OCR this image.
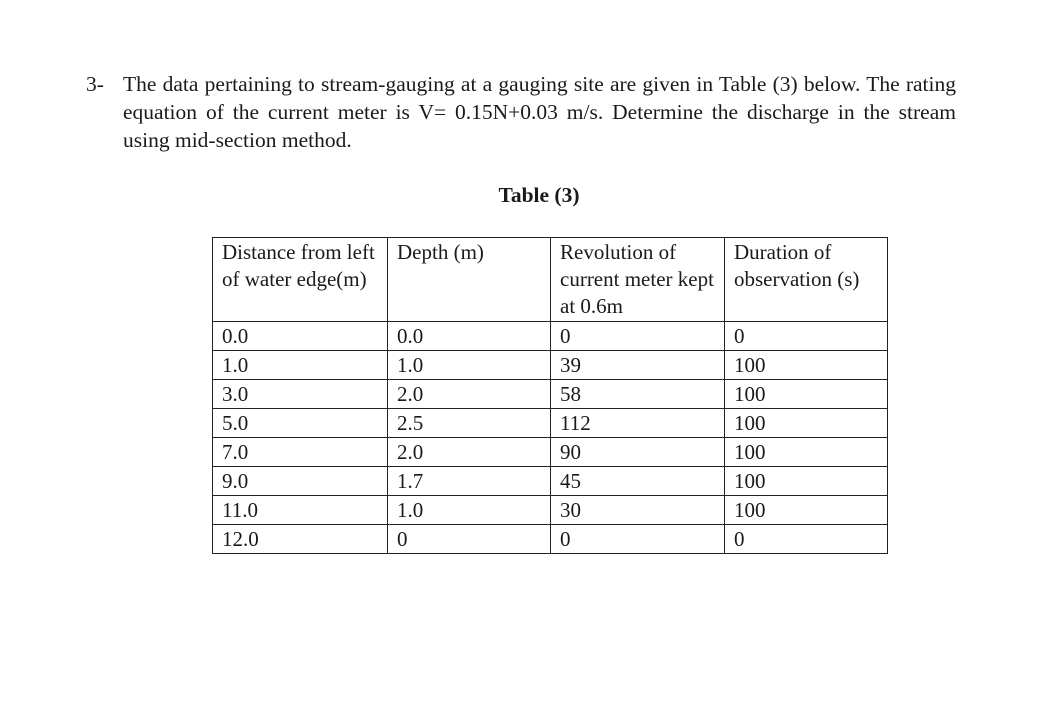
3- The data pertaining to stream-gauging at a gauging site are given in Table (3) below. The rating equation of the current meter is V= 0.15N+0.03 m/s. Determine the discharge in the stream using mid-section method.
Table (3)
Distance from left of water edge(m)	Depth (m)	Revolution of current meter kept at 0.6m	Duration of observation (s)
0.0	0.0	0	0
1.0	1.0	39	100
3.0	2.0	58	100
5.0	2.5	112	100
7.0	2.0	90	100
9.0	1.7	45	100
11.0	1.0	30	100
12.0	0	0	0
